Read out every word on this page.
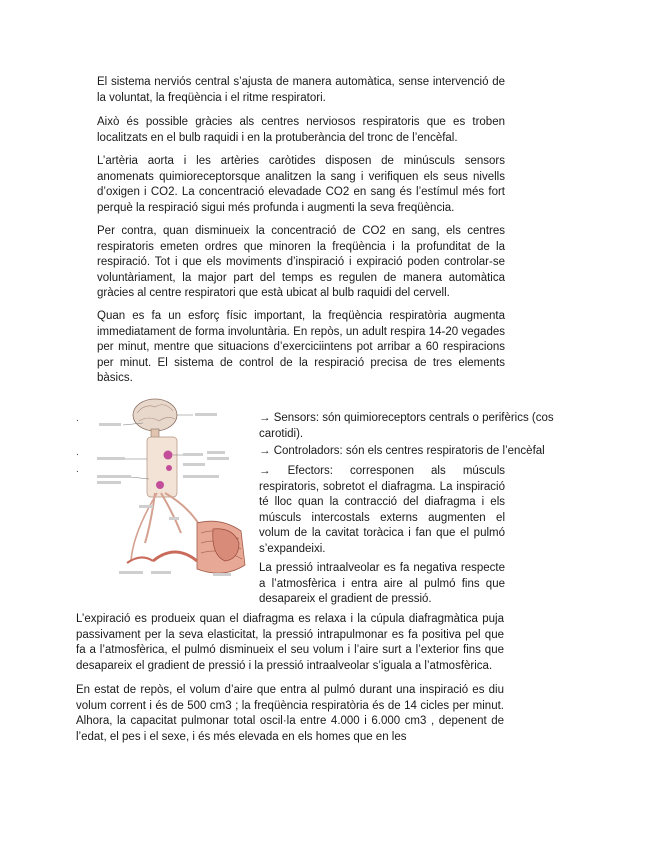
El sistema nerviós central s’ajusta de manera automàtica, sense intervenció de la voluntat, la freqüència i el ritme respiratori.

Això és possible gràcies als centres nerviosos respiratoris que es troben localitzats en el bulb raquidi i en la protuberància del tronc de l’encèfal.

L’artèria aorta i les artèries caròtides disposen de minúsculs sensors anomenats quimioreceptorsque analitzen la sang i verifiquen els seus nivells d’oxigen i CO2. La concentració elevadade CO2 en sang és l’estímul més fort perquè la respiració sigui més profunda i augmenti la seva freqüència.

Per contra, quan disminueix la concentració de CO2 en sang, els centres respiratoris emeten ordres que minoren la freqüència i la profunditat de la respiració. Tot i que els moviments d’inspiració i expiració poden controlar-se voluntàriament, la major part del temps es regulen de manera automàtica gràcies al centre respiratori que està ubicat al bulb raquidi del cervell.

Quan es fa un esforç físic important, la freqüència respiratòria augmenta immediatament de forma involuntària. En repòs, un adult respira 14-20 vegades per minut, mentre que situacions d’exerciciintens pot arribar a 60 respiracions per minut. El sistema de control de la respiració precisa de tres elements bàsics.

.
.
.

→ Sensors: són quimioreceptors centrals o perifèrics (cos carotidi).

→ Controladors: són els centres respiratoris de l’encèfal

→ Efectors: corresponen als músculs respiratoris, sobretot el diafragma. La inspiració té lloc quan la contracció del diafragma i els músculs intercostals externs augmenten el volum de la cavitat toràcica i fan que el pulmó s’expandeixi.

La pressió intraalveolar es fa negativa respecte a l’atmosfèrica i entra aire al pulmó fins que desapareix el gradient de pressió.

L’expiració es produeix quan el diafragma es relaxa i la cúpula diafragmàtica puja passivament per la seva elasticitat, la pressió intrapulmonar es fa positiva pel que fa a l’atmosfèrica, el pulmó disminueix el seu volum i l’aire surt a l’exterior fins que desapareix el gradient de pressió i la pressió intraalveolar s’iguala a l’atmosfèrica.

En estat de repòs, el volum d’aire que entra al pulmó durant una inspiració es diu volum corrent i és de 500 cm3 ; la freqüència respiratòria és de 14 cicles per minut. Alhora, la capacitat pulmonar total oscil·la entre 4.000 i 6.000 cm3 , depenent de l’edat, el pes i el sexe, i és més elevada en els homes que en les
